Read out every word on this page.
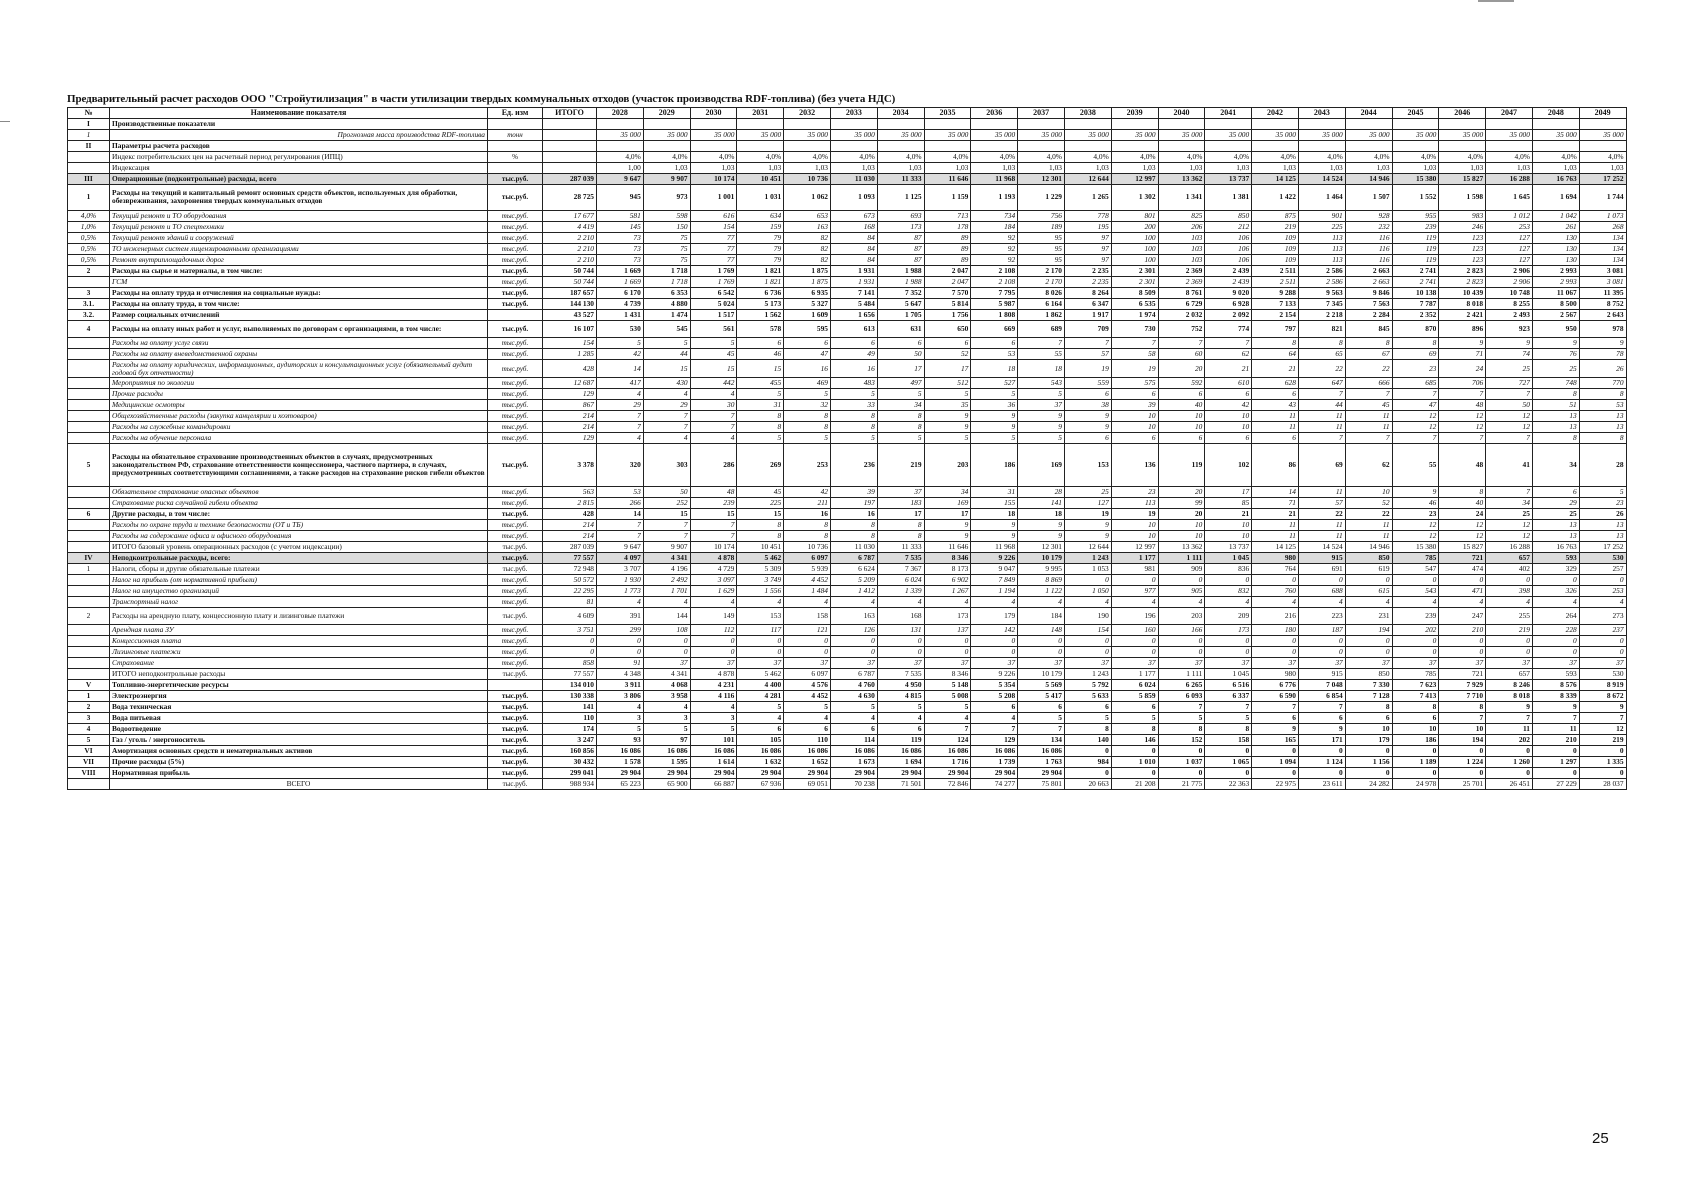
Предварительный расчет расходов ООО "Стройутилизация" в части утилизации твердых коммунальных отходов (участок производства RDF-топлива) (без учета НДС)
№	Наименование показателя	Ед. изм	ИТОГО	2028	2029	2030	2031	2032	2033	2034	2035	2036	2037	2038	2039	2040	2041	2042	2043	2044	2045	2046	2047	2048	2049
I	Производственные показатели																								
1	Прогнозная масса производства RDF-топлива	тонн		35 000	35 000	35 000	35 000	35 000	35 000	35 000	35 000	35 000	35 000	35 000	35 000	35 000	35 000	35 000	35 000	35 000	35 000	35 000	35 000	35 000	35 000
II	Параметры расчета расходов																								
	Индекс потребительских цен на расчетный период регулирования (ИПЦ)	%		4,0%	4,0%	4,0%	4,0%	4,0%	4,0%	4,0%	4,0%	4,0%	4,0%	4,0%	4,0%	4,0%	4,0%	4,0%	4,0%	4,0%	4,0%	4,0%	4,0%	4,0%	4,0%
	Индексация			1,00	1,03	1,03	1,03	1,03	1,03	1,03	1,03	1,03	1,03	1,03	1,03	1,03	1,03	1,03	1,03	1,03	1,03	1,03	1,03	1,03	1,03
III	Операционные (подконтрольные) расходы, всего	тыс.руб.	287 039	9 647	9 907	10 174	10 451	10 736	11 030	11 333	11 646	11 968	12 301	12 644	12 997	13 362	13 737	14 125	14 524	14 946	15 380	15 827	16 288	16 763	17 252
1	Расходы на текущий и капитальный ремонт основных средств объектов, используемых для обработки, обезвреживания, захоронения твердых коммунальных отходов	тыс.руб.	28 725	945	973	1 001	1 031	1 062	1 093	1 125	1 159	1 193	1 229	1 265	1 302	1 341	1 381	1 422	1 464	1 507	1 552	1 598	1 645	1 694	1 744
4,0%	Текущий ремонт и ТО оборудования	тыс.руб.	17 677	581	598	616	634	653	673	693	713	734	756	778	801	825	850	875	901	928	955	983	1 012	1 042	1 073
1,0%	Текущий ремонт и ТО спецтехники	тыс.руб.	4 419	145	150	154	159	163	168	173	178	184	189	195	200	206	212	219	225	232	239	246	253	261	268
0,5%	Текущий ремонт зданий и сооружений	тыс.руб.	2 210	73	75	77	79	82	84	87	89	92	95	97	100	103	106	109	113	116	119	123	127	130	134
0,5%	ТО инженерных систем лицензированными организациями	тыс.руб.	2 210	73	75	77	79	82	84	87	89	92	95	97	100	103	106	109	113	116	119	123	127	130	134
0,5%	Ремонт внутриплощадочных дорог	тыс.руб.	2 210	73	75	77	79	82	84	87	89	92	95	97	100	103	106	109	113	116	119	123	127	130	134
2	Расходы на сырье и материалы, в том числе:	тыс.руб.	50 744	1 669	1 718	1 769	1 821	1 875	1 931	1 988	2 047	2 108	2 170	2 235	2 301	2 369	2 439	2 511	2 586	2 663	2 741	2 823	2 906	2 993	3 081
	ГСМ	тыс.руб.	50 744	1 669	1 718	1 769	1 821	1 875	1 931	1 988	2 047	2 108	2 170	2 235	2 301	2 369	2 439	2 511	2 586	2 663	2 741	2 823	2 906	2 993	3 081
3	Расходы на оплату труда и отчисления на социальные нужды:	тыс.руб.	187 657	6 170	6 353	6 542	6 736	6 935	7 141	7 352	7 570	7 795	8 026	8 264	8 509	8 761	9 020	9 288	9 563	9 846	10 138	10 439	10 748	11 067	11 395
3.1.	Расходы на оплату труда, в том числе:	тыс.руб.	144 130	4 739	4 880	5 024	5 173	5 327	5 484	5 647	5 814	5 987	6 164	6 347	6 535	6 729	6 928	7 133	7 345	7 563	7 787	8 018	8 255	8 500	8 752
3.2.	Размер социальных отчислений		43 527	1 431	1 474	1 517	1 562	1 609	1 656	1 705	1 756	1 808	1 862	1 917	1 974	2 032	2 092	2 154	2 218	2 284	2 352	2 421	2 493	2 567	2 643
4	Расходы на оплату иных работ и услуг, выполняемых по договорам с организациями, в том числе:	тыс.руб.	16 107	530	545	561	578	595	613	631	650	669	689	709	730	752	774	797	821	845	870	896	923	950	978
	Расходы на оплату услуг связи	тыс.руб.	154	5	5	5	6	6	6	6	6	6	7	7	7	7	7	8	8	8	8	9	9	9	9
	Расходы на оплату вневедомственной охраны	тыс.руб.	1 285	42	44	45	46	47	49	50	52	53	55	57	58	60	62	64	65	67	69	71	74	76	78
	Расходы на оплату юридических, информационных, аудиторских и консультационных услуг (обязательный аудит годовой бух отчетности)	тыс.руб.	428	14	15	15	15	16	16	17	17	18	18	19	19	20	21	21	22	22	23	24	25	25	26
	Мероприятия по экологии	тыс.руб.	12 687	417	430	442	455	469	483	497	512	527	543	559	575	592	610	628	647	666	685	706	727	748	770
	Прочие расходы	тыс.руб.	129	4	4	4	5	5	5	5	5	5	5	6	6	6	6	6	7	7	7	7	7	8	8
	Медицинские осмотры	тыс.руб.	867	29	29	30	31	32	33	34	35	36	37	38	39	40	42	43	44	45	47	48	50	51	53
	Общехозяйственные расходы (закупка канцелярии и хозтоваров)	тыс.руб.	214	7	7	7	8	8	8	8	9	9	9	9	10	10	10	11	11	11	12	12	12	13	13
	Расходы на служебные командировки	тыс.руб.	214	7	7	7	8	8	8	8	9	9	9	9	10	10	10	11	11	11	12	12	12	13	13
	Расходы на обучение персонала	тыс.руб.	129	4	4	4	5	5	5	5	5	5	5	6	6	6	6	6	7	7	7	7	7	8	8
5	Расходы на обязательное страхование производственных объектов в случаях, предусмотренных законодательством РФ, страхование ответственности концессионера, частного партнера, в случаях, предусмотренных соответствующими соглашениями, а также расходов на страхование рисков гибели объектов	тыс.руб.	3 378	320	303	286	269	253	236	219	203	186	169	153	136	119	102	86	69	62	55	48	41	34	28
	Обязательное страхование опасных объектов	тыс.руб.	563	53	50	48	45	42	39	37	34	31	28	25	23	20	17	14	11	10	9	8	7	6	5
	Страхование риска случайной гибели объекта	тыс.руб.	2 815	266	252	239	225	211	197	183	169	155	141	127	113	99	85	71	57	52	46	40	34	29	23
6	Другие расходы, в том числе:	тыс.руб.	428	14	15	15	15	16	16	17	17	18	18	19	19	20	21	21	22	22	23	24	25	25	26
	Расходы по охране труда и технике безопасности (ОТ и ТБ)	тыс.руб.	214	7	7	7	8	8	8	8	9	9	9	9	10	10	10	11	11	11	12	12	12	13	13
	Расходы на содержание офиса и офисного оборудования	тыс.руб.	214	7	7	7	8	8	8	8	9	9	9	9	10	10	10	11	11	11	12	12	12	13	13
	ИТОГО базовый уровень операционных расходов (с учетом индексации)	тыс.руб.	287 039	9 647	9 907	10 174	10 451	10 736	11 030	11 333	11 646	11 968	12 301	12 644	12 997	13 362	13 737	14 125	14 524	14 946	15 380	15 827	16 288	16 763	17 252
IV	Неподконтрольные расходы, всего:	тыс.руб.	77 557	4 097	4 341	4 878	5 462	6 097	6 787	7 535	8 346	9 226	10 179	1 243	1 177	1 111	1 045	980	915	850	785	721	657	593	530
1	Налоги, сборы и другие обязательные платежи	тыс.руб.	72 948	3 707	4 196	4 729	5 309	5 939	6 624	7 367	8 173	9 047	9 995	1 053	981	909	836	764	691	619	547	474	402	329	257
	Налог на прибыль (от нормативной прибыли)	тыс.руб.	50 572	1 930	2 492	3 097	3 749	4 452	5 209	6 024	6 902	7 849	8 869	0	0	0	0	0	0	0	0	0	0	0	0
	Налог на имущество организаций	тыс.руб.	22 295	1 773	1 701	1 629	1 556	1 484	1 412	1 339	1 267	1 194	1 122	1 050	977	905	832	760	688	615	543	471	398	326	253
	Транспортный налог	тыс.руб.	81	4	4	4	4	4	4	4	4	4	4	4	4	4	4	4	4	4	4	4	4	4	4
2	Расходы на арендную плату, концессионную плату и лизинговые платежи	тыс.руб.	4 609	391	144	149	153	158	163	168	173	179	184	190	196	203	209	216	223	231	239	247	255	264	273
	Арендная плата ЗУ	тыс.руб.	3 751	299	108	112	117	121	126	131	137	142	148	154	160	166	173	180	187	194	202	210	219	228	237
	Концессионная плата	тыс.руб.	0	0	0	0	0	0	0	0	0	0	0	0	0	0	0	0	0	0	0	0	0	0	0
	Лизинговые платежи	тыс.руб.	0	0	0	0	0	0	0	0	0	0	0	0	0	0	0	0	0	0	0	0	0	0	0
	Страхование	тыс.руб.	858	91	37	37	37	37	37	37	37	37	37	37	37	37	37	37	37	37	37	37	37	37	37
	ИТОГО неподконтрольные расходы	тыс.руб.	77 557	4 348	4 341	4 878	5 462	6 097	6 787	7 535	8 346	9 226	10 179	1 243	1 177	1 111	1 045	980	915	850	785	721	657	593	530
V	Топливно-энергетические ресурсы		134 010	3 911	4 068	4 231	4 400	4 576	4 760	4 950	5 148	5 354	5 569	5 792	6 024	6 265	6 516	6 776	7 048	7 330	7 623	7 929	8 246	8 576	8 919
1	Электроэнергия	тыс.руб.	130 338	3 806	3 958	4 116	4 281	4 452	4 630	4 815	5 008	5 208	5 417	5 633	5 859	6 093	6 337	6 590	6 854	7 128	7 413	7 710	8 018	8 339	8 672
2	Вода техническая	тыс.руб.	141	4	4	4	5	5	5	5	5	6	6	6	6	7	7	7	7	8	8	8	9	9	9
3	Вода питьевая	тыс.руб.	110	3	3	3	4	4	4	4	4	4	5	5	5	5	5	6	6	6	6	7	7	7	7
4	Водоотведение	тыс.руб.	174	5	5	5	6	6	6	6	7	7	7	8	8	8	8	9	9	10	10	10	11	11	12
5	Газ / уголь / энергоноситель	тыс.руб.	3 247	93	97	101	105	110	114	119	124	129	134	140	146	152	158	165	171	179	186	194	202	210	219
VI	Амортизация основных средств и нематериальных активов	тыс.руб.	160 856	16 086	16 086	16 086	16 086	16 086	16 086	16 086	16 086	16 086	16 086	0	0	0	0	0	0	0	0	0	0	0	0
VII	Прочие расходы (5%)	тыс.руб.	30 432	1 578	1 595	1 614	1 632	1 652	1 673	1 694	1 716	1 739	1 763	984	1 010	1 037	1 065	1 094	1 124	1 156	1 189	1 224	1 260	1 297	1 335
VIII	Нормативная прибыль	тыс.руб.	299 041	29 904	29 904	29 904	29 904	29 904	29 904	29 904	29 904	29 904	29 904	0	0	0	0	0	0	0	0	0	0	0	0
	ВСЕГО	тыс.руб.	988 934	65 223	65 900	66 887	67 936	69 051	70 238	71 501	72 846	74 277	75 801	20 663	21 208	21 775	22 363	22 975	23 611	24 282	24 978	25 701	26 451	27 229	28 037
25
